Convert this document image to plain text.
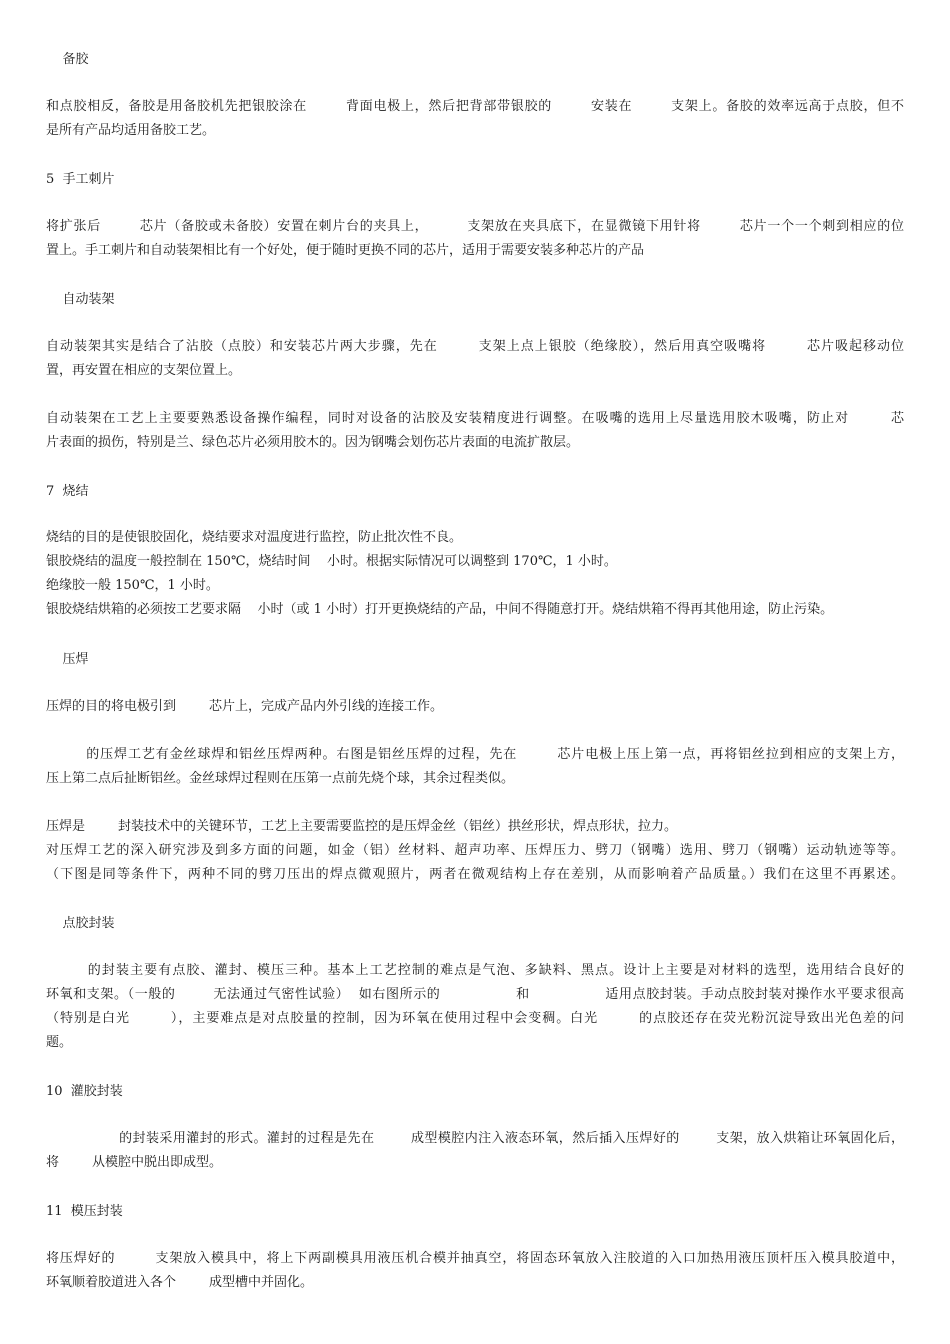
备胶

和点胶相反，备胶是用备胶机先把银胶涂在        背面电极上，然后把背部带银胶的        安装在        支架上。备胶的效率远高于点胶，但不

是所有产品均适用备胶工艺。

5  手工刺片

将扩张后        芯片（备胶或未备胶）安置在刺片台的夹具上，        支架放在夹具底下，在显微镜下用针将        芯片一个一个刺到相应的位

置上。手工刺片和自动装架相比有一个好处，便于随时更换不同的芯片，适用于需要安装多种芯片的产品

自动装架

自动装架其实是结合了沾胶（点胶）和安装芯片两大步骤，先在        支架上点上银胶（绝缘胶），然后用真空吸嘴将        芯片吸起移动位

置，再安置在相应的支架位置上。

自动装架在工艺上主要要熟悉设备操作编程，同时对设备的沾胶及安装精度进行调整。在吸嘴的选用上尽量选用胶木吸嘴，防止对        芯

片表面的损伤，特别是兰、绿色芯片必须用胶木的。因为钢嘴会划伤芯片表面的电流扩散层。

7  烧结

烧结的目的是使银胶固化，烧结要求对温度进行监控，防止批次性不良。

银胶烧结的温度一般控制在 150℃，烧结时间    小时。根据实际情况可以调整到 170℃，1 小时。

绝缘胶一般 150℃，1 小时。

银胶烧结烘箱的必须按工艺要求隔    小时（或 1 小时）打开更换烧结的产品，中间不得随意打开。烧结烘箱不得再其他用途，防止污染。

压焊

压焊的目的将电极引到        芯片上，完成产品内外引线的连接工作。

的压焊工艺有金丝球焊和铝丝压焊两种。右图是铝丝压焊的过程，先在        芯片电极上压上第一点，再将铝丝拉到相应的支架上方，

压上第二点后扯断铝丝。金丝球焊过程则在压第一点前先烧个球，其余过程类似。

压焊是        封装技术中的关键环节，工艺上主要需要监控的是压焊金丝（铝丝）拱丝形状，焊点形状，拉力。

对压焊工艺的深入研究涉及到多方面的问题，如金（铝）丝材料、超声功率、压焊压力、劈刀（钢嘴）选用、劈刀（钢嘴）运动轨迹等等。

（下图是同等条件下，两种不同的劈刀压出的焊点微观照片，两者在微观结构上存在差别，从而影响着产品质量。）我们在这里不再累述。

点胶封装

的封装主要有点胶、灌封、模压三种。基本上工艺控制的难点是气泡、多缺料、黑点。设计上主要是对材料的选型，选用结合良好的

环氧和支架。（一般的        无法通过气密性试验）  如右图所示的                和                适用点胶封装。手动点胶封装对操作水平要求很高

（特别是白光        ），主要难点是对点胶量的控制，因为环氧在使用过程中会变稠。白光        的点胶还存在荧光粉沉淀导致出光色差的问

题。

10  灌胶封装

的封装采用灌封的形式。灌封的过程是先在        成型模腔内注入液态环氧，然后插入压焊好的        支架，放入烘箱让环氧固化后，

将        从模腔中脱出即成型。

11  模压封装

将压焊好的        支架放入模具中，将上下两副模具用液压机合模并抽真空，将固态环氧放入注胶道的入口加热用液压顶杆压入模具胶道中，

环氧顺着胶道进入各个        成型槽中并固化。
